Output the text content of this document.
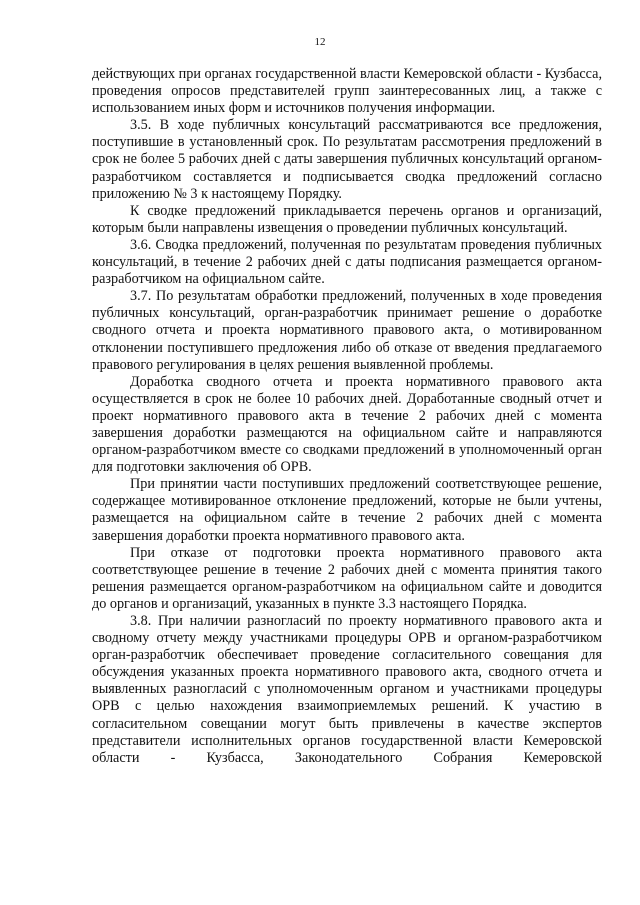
12

действующих при органах государственной власти Кемеровской области - Кузбасса, проведения опросов представителей групп заинтересованных лиц, а также с использованием иных форм и источников получения информации.

3.5. В ходе публичных консультаций рассматриваются все предложения, поступившие в установленный срок. По результатам рассмотрения предложений в срок не более 5 рабочих дней с даты завершения публичных консультаций органом-разработчиком составляется и подписывается сводка предложений согласно приложению № 3 к настоящему Порядку.

К сводке предложений прикладывается перечень органов и организаций, которым были направлены извещения о проведении публичных консультаций.

3.6. Сводка предложений, полученная по результатам проведения публичных консультаций, в течение 2 рабочих дней с даты подписания размещается органом-разработчиком на официальном сайте.

3.7. По результатам обработки предложений, полученных в ходе проведения публичных консультаций, орган-разработчик принимает решение о доработке сводного отчета и проекта нормативного правового акта, о мотивированном отклонении поступившего предложения либо об отказе от введения предлагаемого правового регулирования в целях решения выявленной проблемы.

Доработка сводного отчета и проекта нормативного правового акта осуществляется в срок не более 10 рабочих дней. Доработанные сводный отчет и проект нормативного правового акта в течение 2 рабочих дней с момента завершения доработки размещаются на официальном сайте и направляются органом-разработчиком вместе со сводками предложений в уполномоченный орган для подготовки заключения об ОРВ.

При принятии части поступивших предложений соответствующее решение, содержащее мотивированное отклонение предложений, которые не были учтены, размещается на официальном сайте в течение 2 рабочих дней с момента завершения доработки проекта нормативного правового акта.

При отказе от подготовки проекта нормативного правового акта соответствующее решение в течение 2 рабочих дней с момента принятия такого решения размещается органом-разработчиком на официальном сайте и доводится до органов и организаций, указанных в пункте 3.3 настоящего Порядка.

3.8. При наличии разногласий по проекту нормативного правового акта и сводному отчету между участниками процедуры ОРВ и органом-разработчиком орган-разработчик обеспечивает проведение согласительного совещания для обсуждения указанных проекта нормативного правового акта, сводного отчета и выявленных разногласий с уполномоченным органом и участниками процедуры ОРВ с целью нахождения взаимоприемлемых решений. К участию в согласительном совещании могут быть привлечены в качестве экспертов представители исполнительных органов государственной власти Кемеровской области - Кузбасса, Законодательного Собрания Кемеровской
